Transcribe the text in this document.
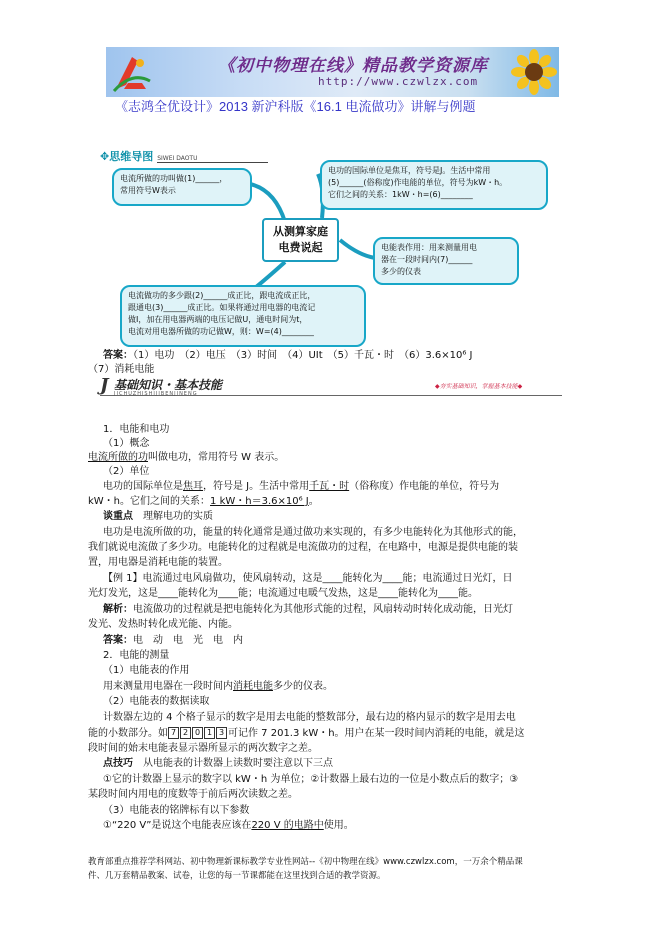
《初中物理在线》精品教学资源库
http://www.czwlzx.com
《志鸿全优设计》2013 新沪科版《16.1 电流做功》讲解与例题
✥思维导图 SIWEI DAOTU
电流所做的功叫做(1)______，
常用符号W表示
电功的国际单位是焦耳，符号是J。生活中常用
(5)______(俗称度)作电能的单位，符号为kW・h。
它们之间的关系：1kW・h=(6)________
从测算家庭
电费说起	电能表作用：用来测量用电
器在一段时间内(7)______
多少的仪表
电流做功的多少跟(2)______成正比，跟电流成正比，
跟通电(3)______成正比。如果将通过用电器的电流记
做I，加在用电器两端的电压记做U，通电时间为t，
电流对用电器所做的功记做W，则：W=(4)________
答案：（1）电功　（2）电压　（3）时间　（4）UIt　（5）千瓦・时　（6）3.6×10⁶ J
（7）消耗电能
J 基础知识・基本技能
JICHUZHISHIJIBENJINENG
◆夯实基础知识，掌握基本技能◆
1．电能和电功
（1）概念
电流所做的功叫做电功，常用符号 W 表示。
（2）单位
电功的国际单位是焦耳，符号是 J。生活中常用千瓦・时（俗称度）作电能的单位，符号为
kW・h。它们之间的关系：1 kW・h＝3.6×10⁶ J。
谈重点　理解电功的实质
电功是电流所做的功，能量的转化通常是通过做功来实现的，有多少电能转化为其他形式的能，
我们就说电流做了多少功。电能转化的过程就是电流做功的过程，在电路中，电源是提供电能的装
置，用电器是消耗电能的装置。
【例 1】电流通过电风扇做功，使风扇转动，这是____能转化为____能；电流通过日光灯，日
光灯发光，这是____能转化为____能；电流通过电暖气发热，这是____能转化为____能。
解析：电流做功的过程就是把电能转化为其他形式能的过程，风扇转动时转化成动能，日光灯
发光、发热时转化成光能、内能。
答案：电　动　电　光　电　内
2．电能的测量
（1）电能表的作用
用来测量用电器在一段时间内消耗电能多少的仪表。
（2）电能表的数据读取
计数器左边的 4 个格子显示的数字是用去电能的整数部分，最右边的格内显示的数字是用去电
能的小数部分。如 7 2 0 1 3 可记作 7 201.3 kW・h。用户在某一段时间内消耗的电能，就是这
段时间的始末电能表显示器所显示的两次数字之差。
点技巧　从电能表的计数器上读数时要注意以下三点
①它的计数器上显示的数字以 kW・h 为单位；②计数器上最右边的一位是小数点后的数字；③
某段时间内用电的度数等于前后两次读数之差。
（3）电能表的铭牌标有以下参数
①“220 V”是说这个电能表应该在220 V 的电路中使用。
教育部重点推荐学科网站、初中物理新课标教学专业性网站--《初中物理在线》www.czwlzx.com，一万余个精品课
件、几万套精品教案、试卷，让您的每一节课都能在这里找到合适的教学资源。
